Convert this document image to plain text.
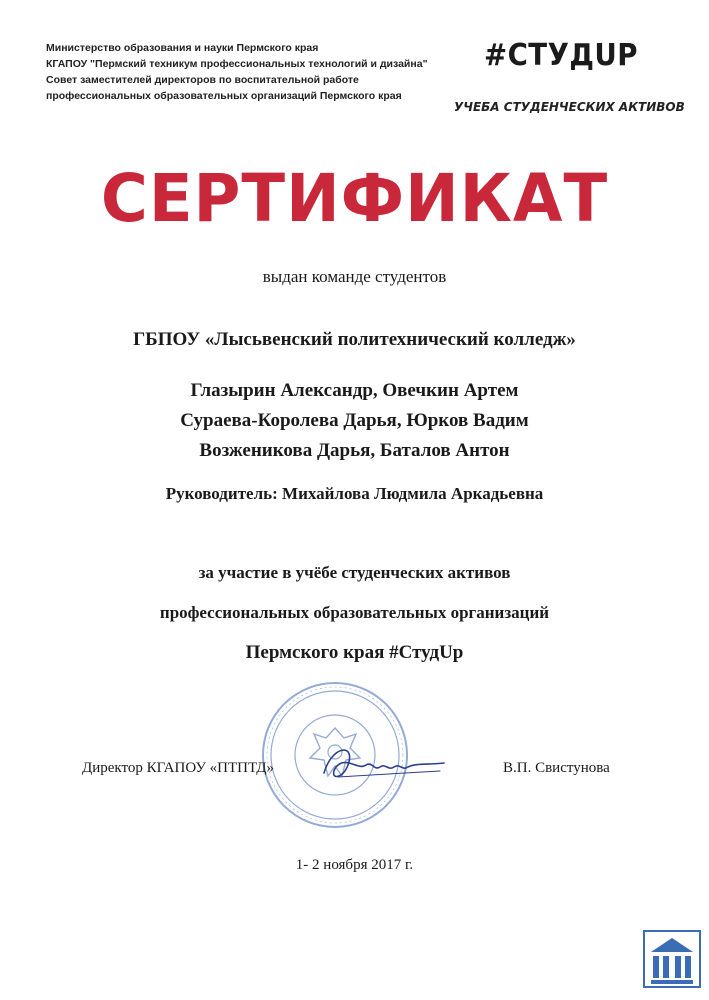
Министерство образования и науки Пермского края
КГАПОУ "Пермский техникум профессиональных технологий и дизайна"
Совет заместителей директоров по воспитательной работе
профессиональных образовательных организаций Пермского края
#СТУДUP
УЧЕБА СТУДЕНЧЕСКИХ АКТИВОВ
СЕРТИФИКАТ
выдан команде студентов
ГБПОУ «Лысьвенский политехнический колледж»
Глазырин Александр, Овечкин Артем
Сураева-Королева Дарья, Юрков Вадим
Возженикова Дарья, Баталов Антон
Руководитель: Михайлова Людмила Аркадьевна
за участие в учёбе студенческих активов
профессиональных образовательных организаций
Пермского края #СтудUp
Директор КГАПОУ «ПТПТД»	В.П. Свистунова
1- 2 ноября 2017 г.
